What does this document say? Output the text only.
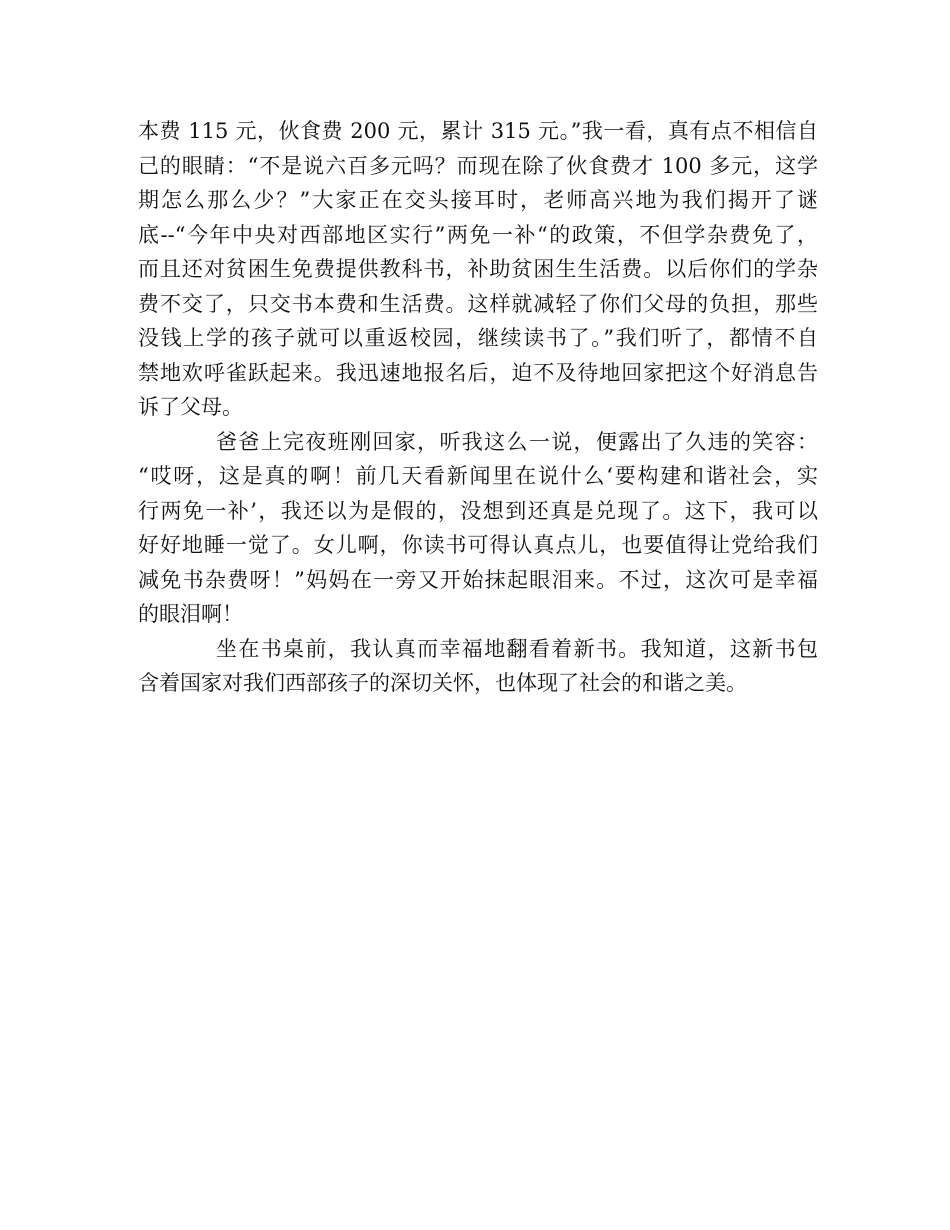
本费 115 元，伙食费 200 元，累计 315 元。”我一看，真有点不相信自
己的眼睛：“不是说六百多元吗？而现在除了伙食费才 100 多元，这学
期怎么那么少？”大家正在交头接耳时，老师高兴地为我们揭开了谜
底--“今年中央对西部地区实行”两免一补“的政策，不但学杂费免了，
而且还对贫困生免费提供教科书，补助贫困生生活费。以后你们的学杂
费不交了，只交书本费和生活费。这样就减轻了你们父母的负担，那些
没钱上学的孩子就可以重返校园，继续读书了。”我们听了，都情不自
禁地欢呼雀跃起来。我迅速地报名后，迫不及待地回家把这个好消息告
诉了父母。
爸爸上完夜班刚回家，听我这么一说，便露出了久违的笑容：
“哎呀，这是真的啊！前几天看新闻里在说什么‘要构建和谐社会，实
行两免一补’，我还以为是假的，没想到还真是兑现了。这下，我可以
好好地睡一觉了。女儿啊，你读书可得认真点儿，也要值得让党给我们
减免书杂费呀！”妈妈在一旁又开始抹起眼泪来。不过，这次可是幸福
的眼泪啊！
坐在书桌前，我认真而幸福地翻看着新书。我知道，这新书包
含着国家对我们西部孩子的深切关怀，也体现了社会的和谐之美。
